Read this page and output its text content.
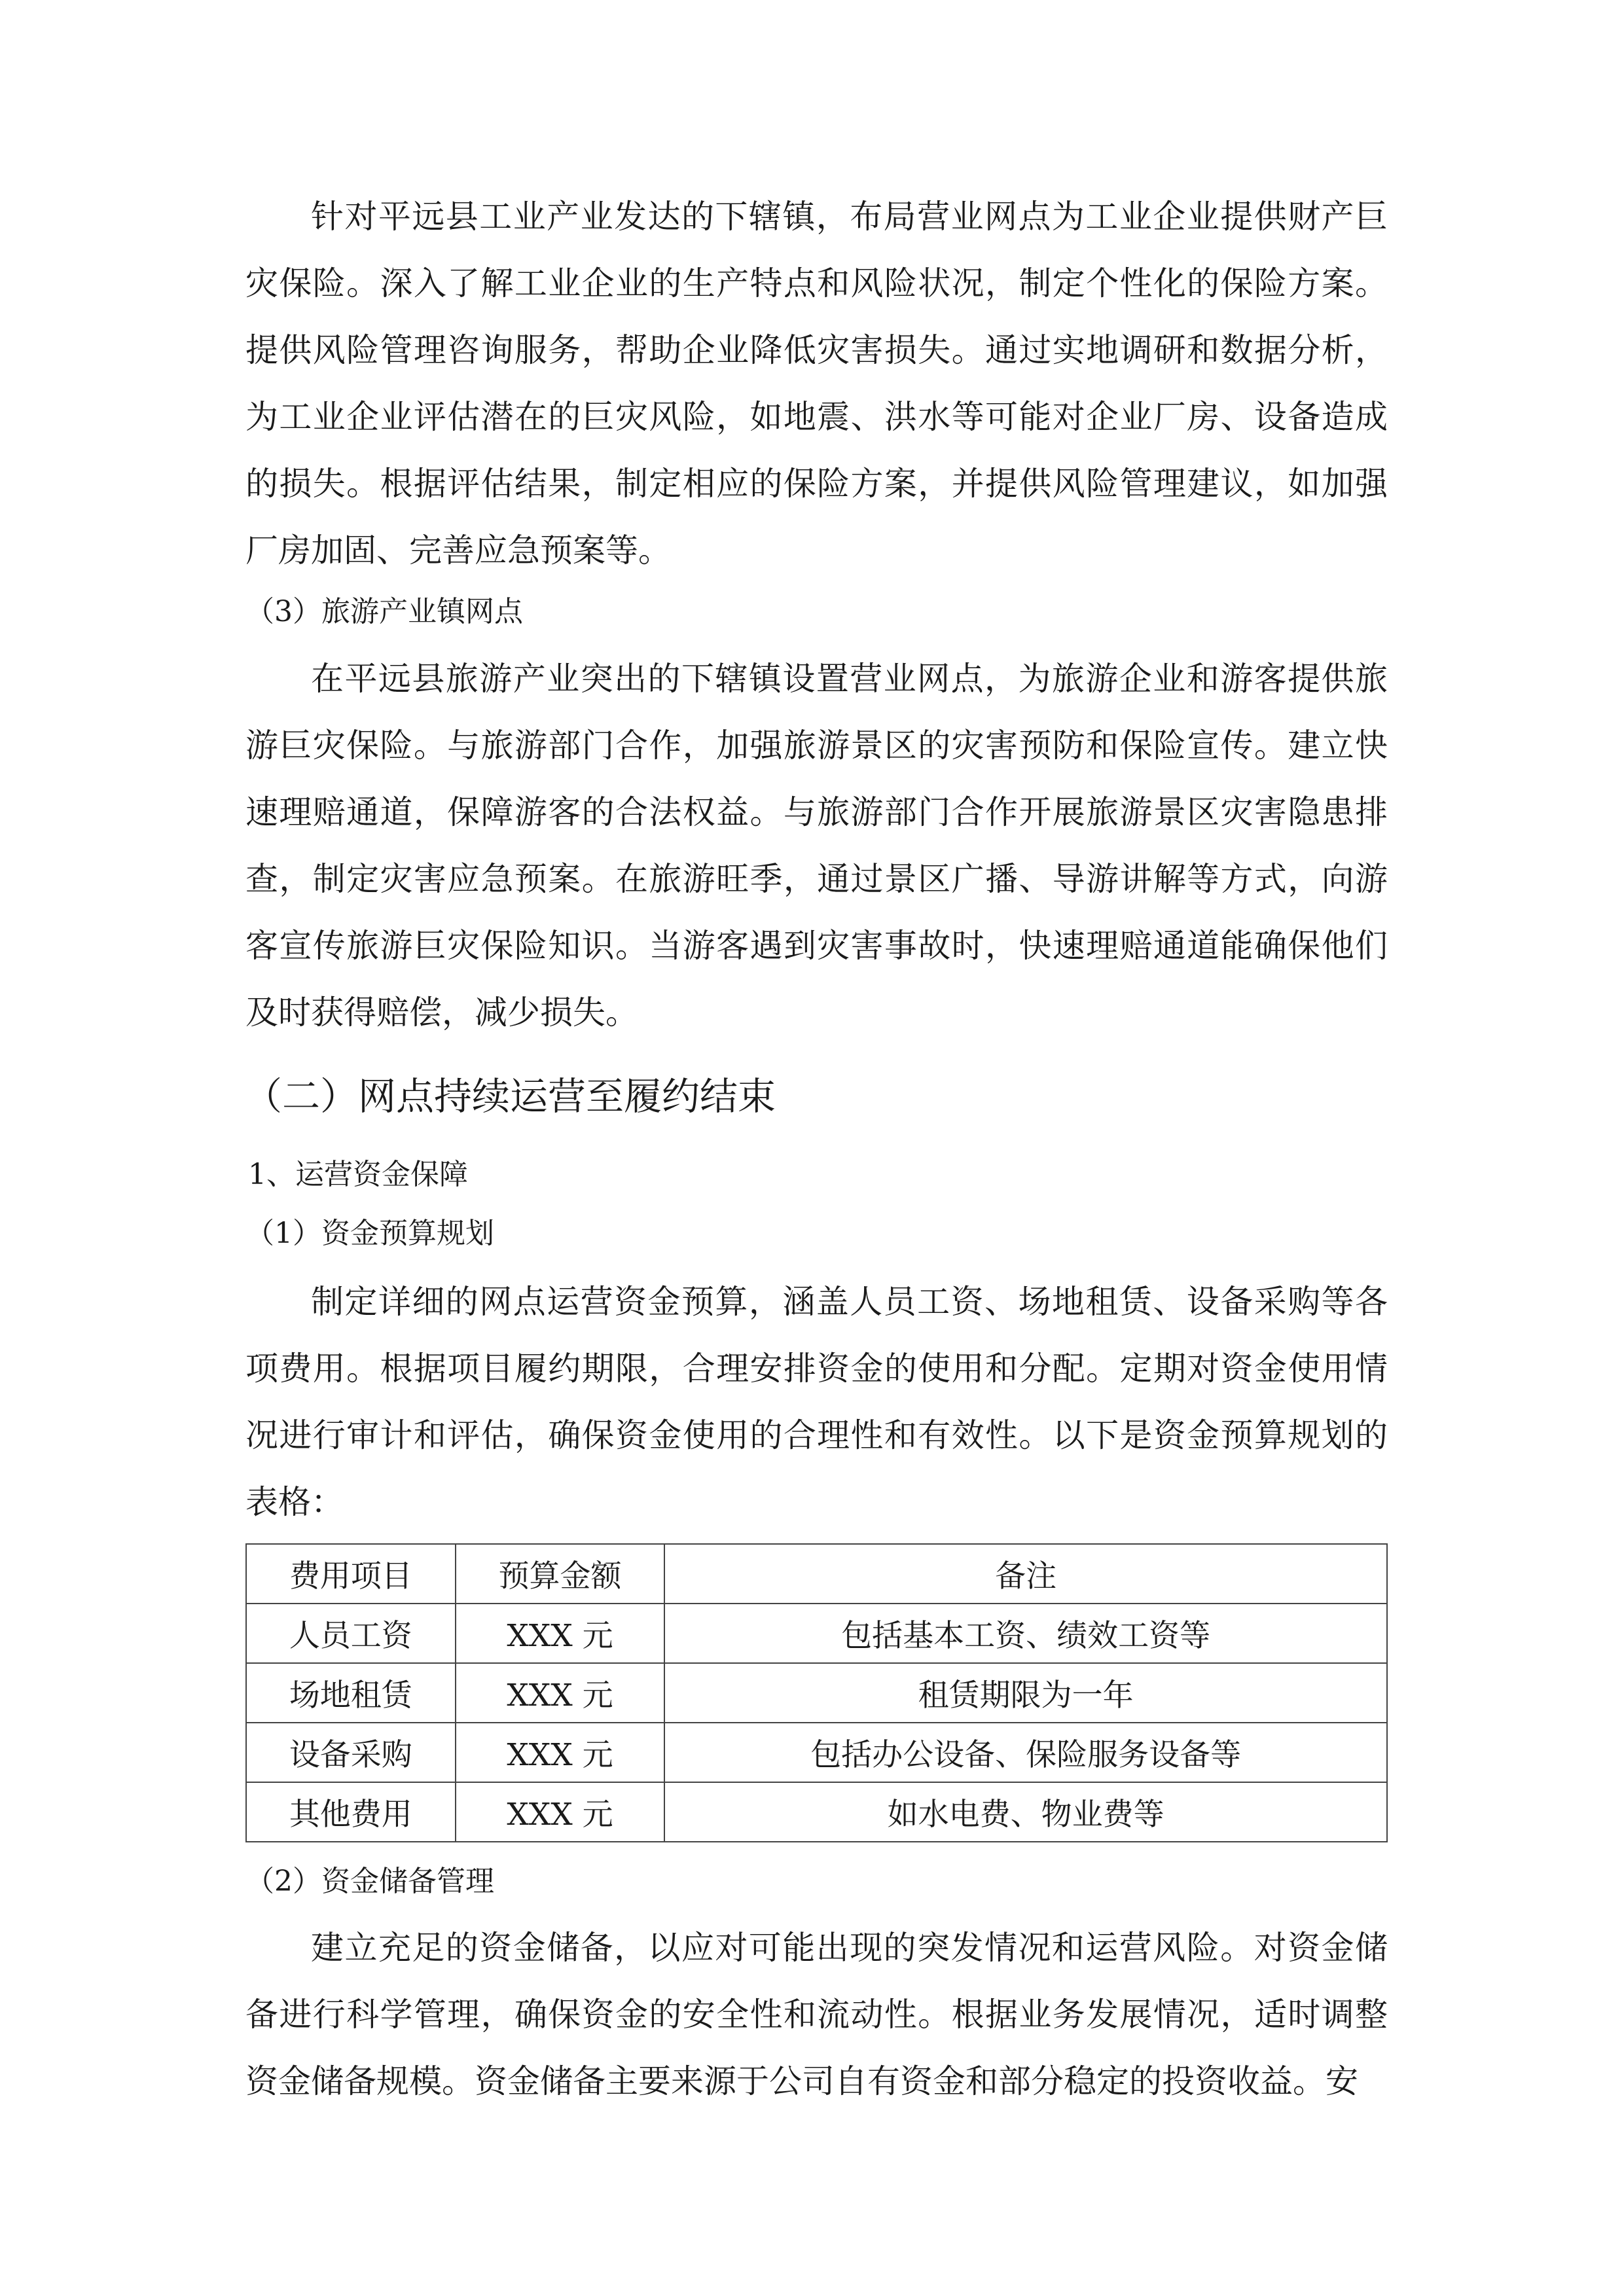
针对平远县工业产业发达的下辖镇，布局营业网点为工业企业提供财产巨灾保险。深入了解工业企业的生产特点和风险状况，制定个性化的保险方案。提供风险管理咨询服务，帮助企业降低灾害损失。通过实地调研和数据分析，为工业企业评估潜在的巨灾风险，如地震、洪水等可能对企业厂房、设备造成的损失。根据评估结果，制定相应的保险方案，并提供风险管理建议，如加强厂房加固、完善应急预案等。

（3）旅游产业镇网点

在平远县旅游产业突出的下辖镇设置营业网点，为旅游企业和游客提供旅游巨灾保险。与旅游部门合作，加强旅游景区的灾害预防和保险宣传。建立快速理赔通道，保障游客的合法权益。与旅游部门合作开展旅游景区灾害隐患排查，制定灾害应急预案。在旅游旺季，通过景区广播、导游讲解等方式，向游客宣传旅游巨灾保险知识。当游客遇到灾害事故时，快速理赔通道能确保他们及时获得赔偿，减少损失。

（二）网点持续运营至履约结束

1、运营资金保障

（1）资金预算规划

制定详细的网点运营资金预算，涵盖人员工资、场地租赁、设备采购等各项费用。根据项目履约期限，合理安排资金的使用和分配。定期对资金使用情况进行审计和评估，确保资金使用的合理性和有效性。以下是资金预算规划的表格：

费用项目	预算金额	备注
人员工资	XXX 元	包括基本工资、绩效工资等
场地租赁	XXX 元	租赁期限为一年
设备采购	XXX 元	包括办公设备、保险服务设备等
其他费用	XXX 元	如水电费、物业费等

（2）资金储备管理

建立充足的资金储备，以应对可能出现的突发情况和运营风险。对资金储备进行科学管理，确保资金的安全性和流动性。根据业务发展情况，适时调整资金储备规模。资金储备主要来源于公司自有资金和部分稳定的投资收益。安
